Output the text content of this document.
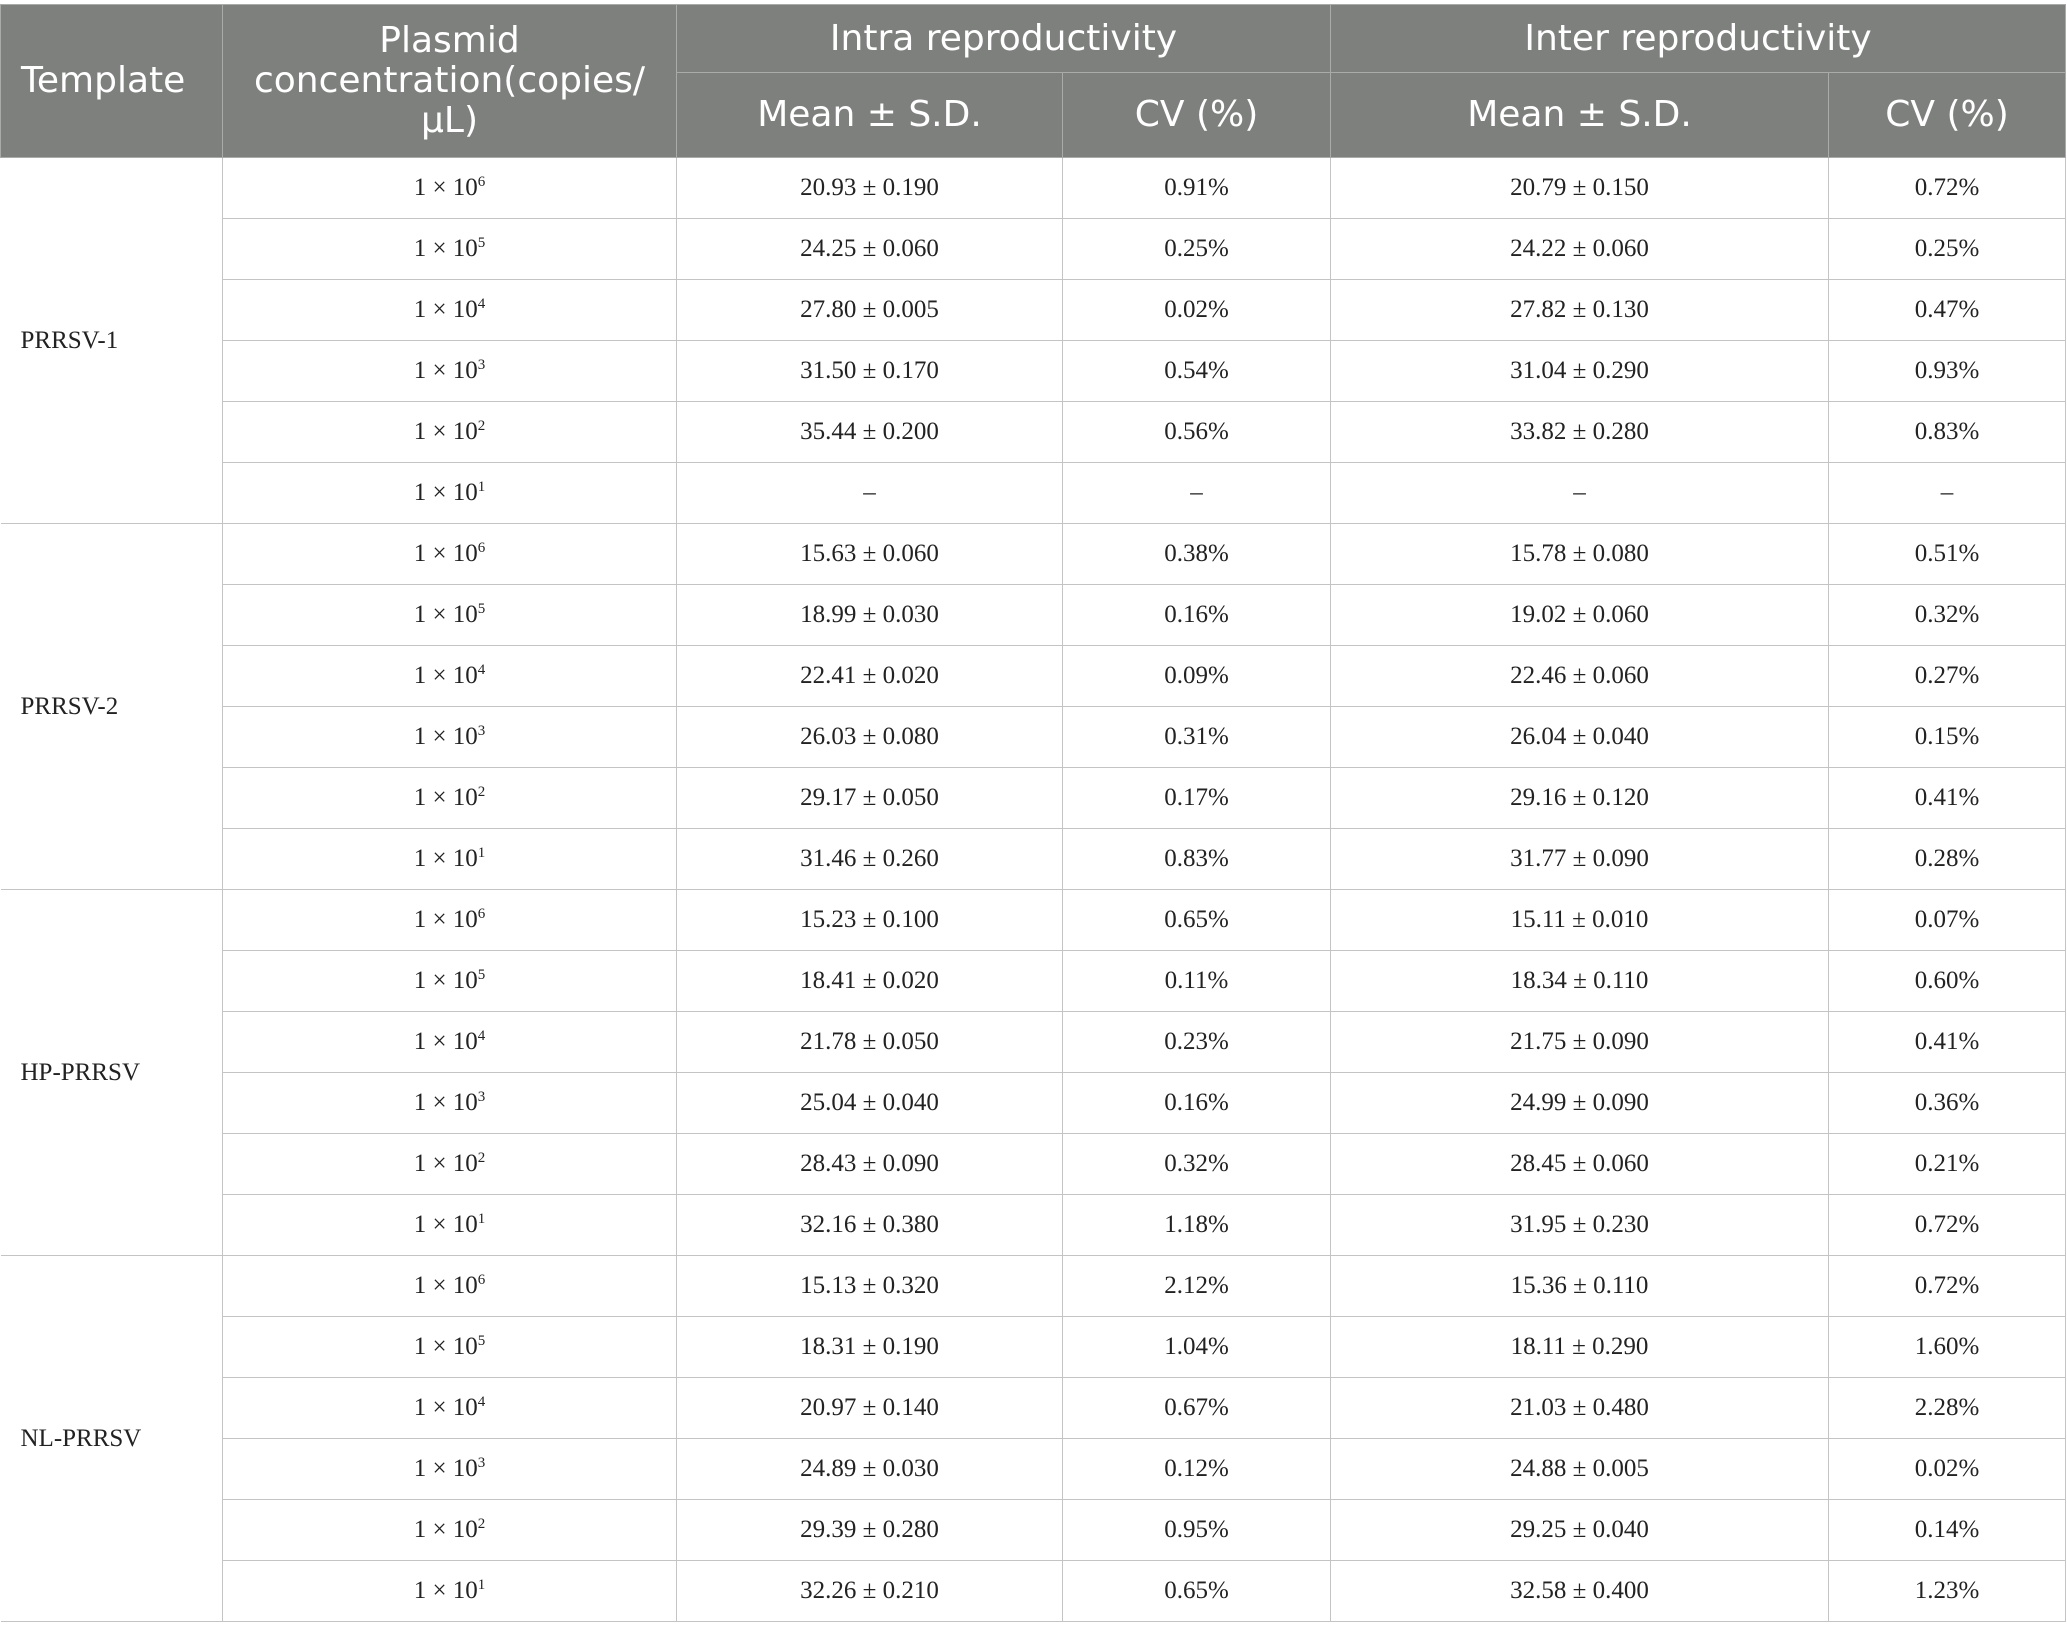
Template	Plasmid concentration(copies/μL)	Intra reproductivity		Inter reproductivity	
		Mean ± S.D.	CV (%)	Mean ± S.D.	CV (%)
PRRSV-1	$1 \times 10^6$	20.93 ± 0.190	0.91%	20.79 ± 0.150	0.72%
	$1 \times 10^5$	24.25 ± 0.060	0.25%	24.22 ± 0.060	0.25%
	$1 \times 10^4$	27.80 ± 0.005	0.02%	27.82 ± 0.130	0.47%
	$1 \times 10^3$	31.50 ± 0.170	0.54%	31.04 ± 0.290	0.93%
	$1 \times 10^2$	35.44 ± 0.200	0.56%	33.82 ± 0.280	0.83%
	$1 \times 10^1$	–	–	–	–
PRRSV-2	$1 \times 10^6$	15.63 ± 0.060	0.38%	15.78 ± 0.080	0.51%
	$1 \times 10^5$	18.99 ± 0.030	0.16%	19.02 ± 0.060	0.32%
	$1 \times 10^4$	22.41 ± 0.020	0.09%	22.46 ± 0.060	0.27%
	$1 \times 10^3$	26.03 ± 0.080	0.31%	26.04 ± 0.040	0.15%
	$1 \times 10^2$	29.17 ± 0.050	0.17%	29.16 ± 0.120	0.41%
	$1 \times 10^1$	31.46 ± 0.260	0.83%	31.77 ± 0.090	0.28%
HP-PRRSV	$1 \times 10^6$	15.23 ± 0.100	0.65%	15.11 ± 0.010	0.07%
	$1 \times 10^5$	18.41 ± 0.020	0.11%	18.34 ± 0.110	0.60%
	$1 \times 10^4$	21.78 ± 0.050	0.23%	21.75 ± 0.090	0.41%
	$1 \times 10^3$	25.04 ± 0.040	0.16%	24.99 ± 0.090	0.36%
	$1 \times 10^2$	28.43 ± 0.090	0.32%	28.45 ± 0.060	0.21%
	$1 \times 10^1$	32.16 ± 0.380	1.18%	31.95 ± 0.230	0.72%
NL-PRRSV	$1 \times 10^6$	15.13 ± 0.320	2.12%	15.36 ± 0.110	0.72%
	$1 \times 10^5$	18.31 ± 0.190	1.04%	18.11 ± 0.290	1.60%
	$1 \times 10^4$	20.97 ± 0.140	0.67%	21.03 ± 0.480	2.28%
	$1 \times 10^3$	24.89 ± 0.030	0.12%	24.88 ± 0.005	0.02%
	$1 \times 10^2$	29.39 ± 0.280	0.95%	29.25 ± 0.040	0.14%
	$1 \times 10^1$	32.26 ± 0.210	0.65%	32.58 ± 0.400	1.23%
